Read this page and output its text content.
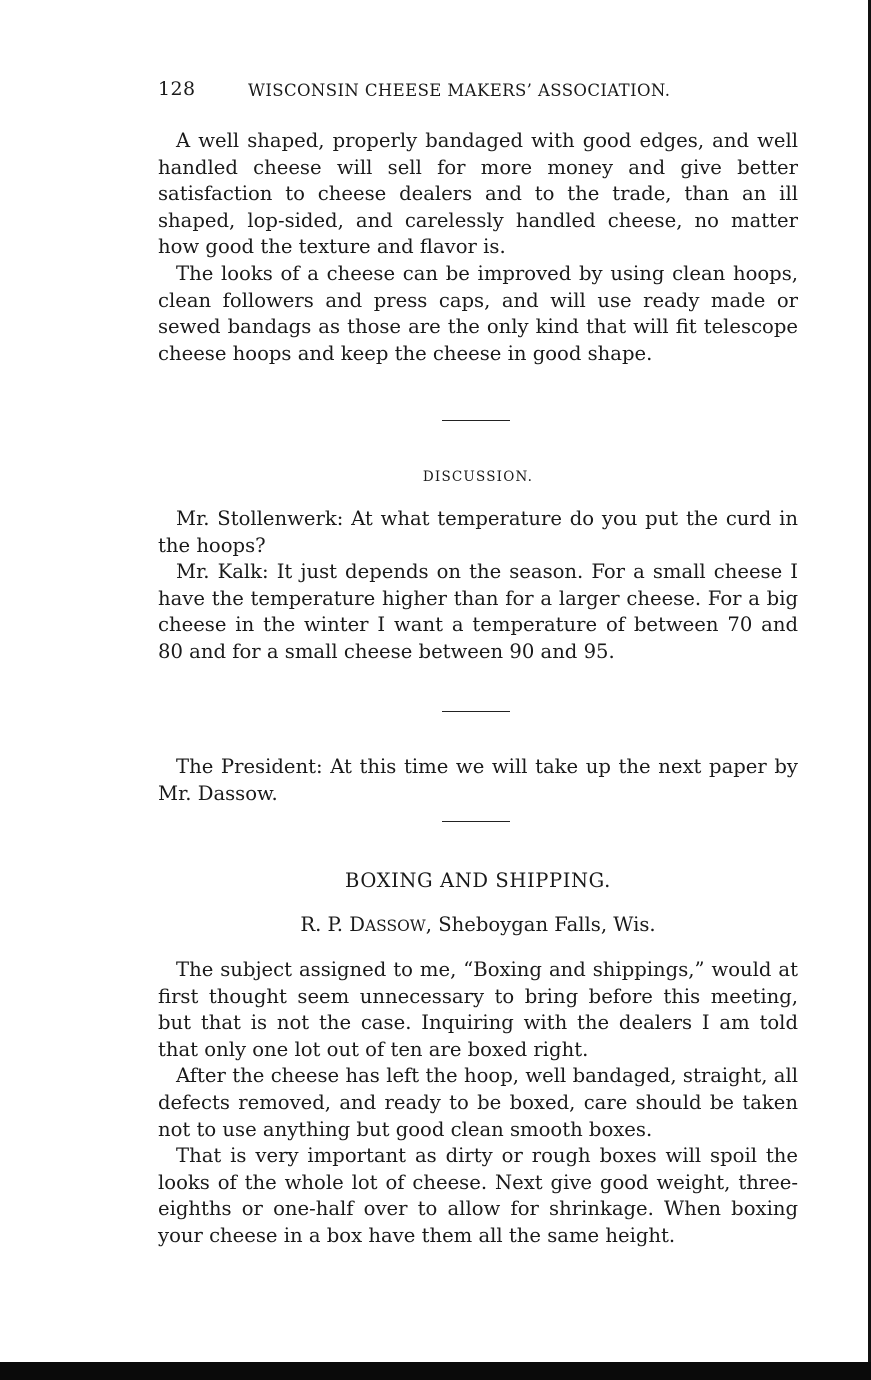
128	WISCONSIN CHEESE MAKERS’ ASSOCIATION.

A well shaped, properly bandaged with good edges, and well handled cheese will sell for more money and give better satisfaction to cheese dealers and to the trade, than an ill shaped, lop-sided, and carelessly handled cheese, no matter how good the texture and flavor is.

The looks of a cheese can be improved by using clean hoops, clean followers and press caps, and will use ready made or sewed bandags as those are the only kind that will fit telescope cheese hoops and keep the cheese in good shape.

DISCUSSION.

Mr. Stollenwerk: At what temperature do you put the curd in the hoops?

Mr. Kalk: It just depends on the season. For a small cheese I have the temperature higher than for a larger cheese. For a big cheese in the winter I want a temperature of between 70 and 80 and for a small cheese between 90 and 95.

The President: At this time we will take up the next paper by Mr. Dassow.

BOXING AND SHIPPING.
R. P. DASSOW, Sheboygan Falls, Wis.

The subject assigned to me, “Boxing and shippings,” would at first thought seem unnecessary to bring before this meeting, but that is not the case. Inquiring with the dealers I am told that only one lot out of ten are boxed right.

After the cheese has left the hoop, well bandaged, straight, all defects removed, and ready to be boxed, care should be taken not to use anything but good clean smooth boxes.

That is very important as dirty or rough boxes will spoil the looks of the whole lot of cheese. Next give good weight, three-eighths or one-half over to allow for shrinkage. When boxing your cheese in a box have them all the same height.
